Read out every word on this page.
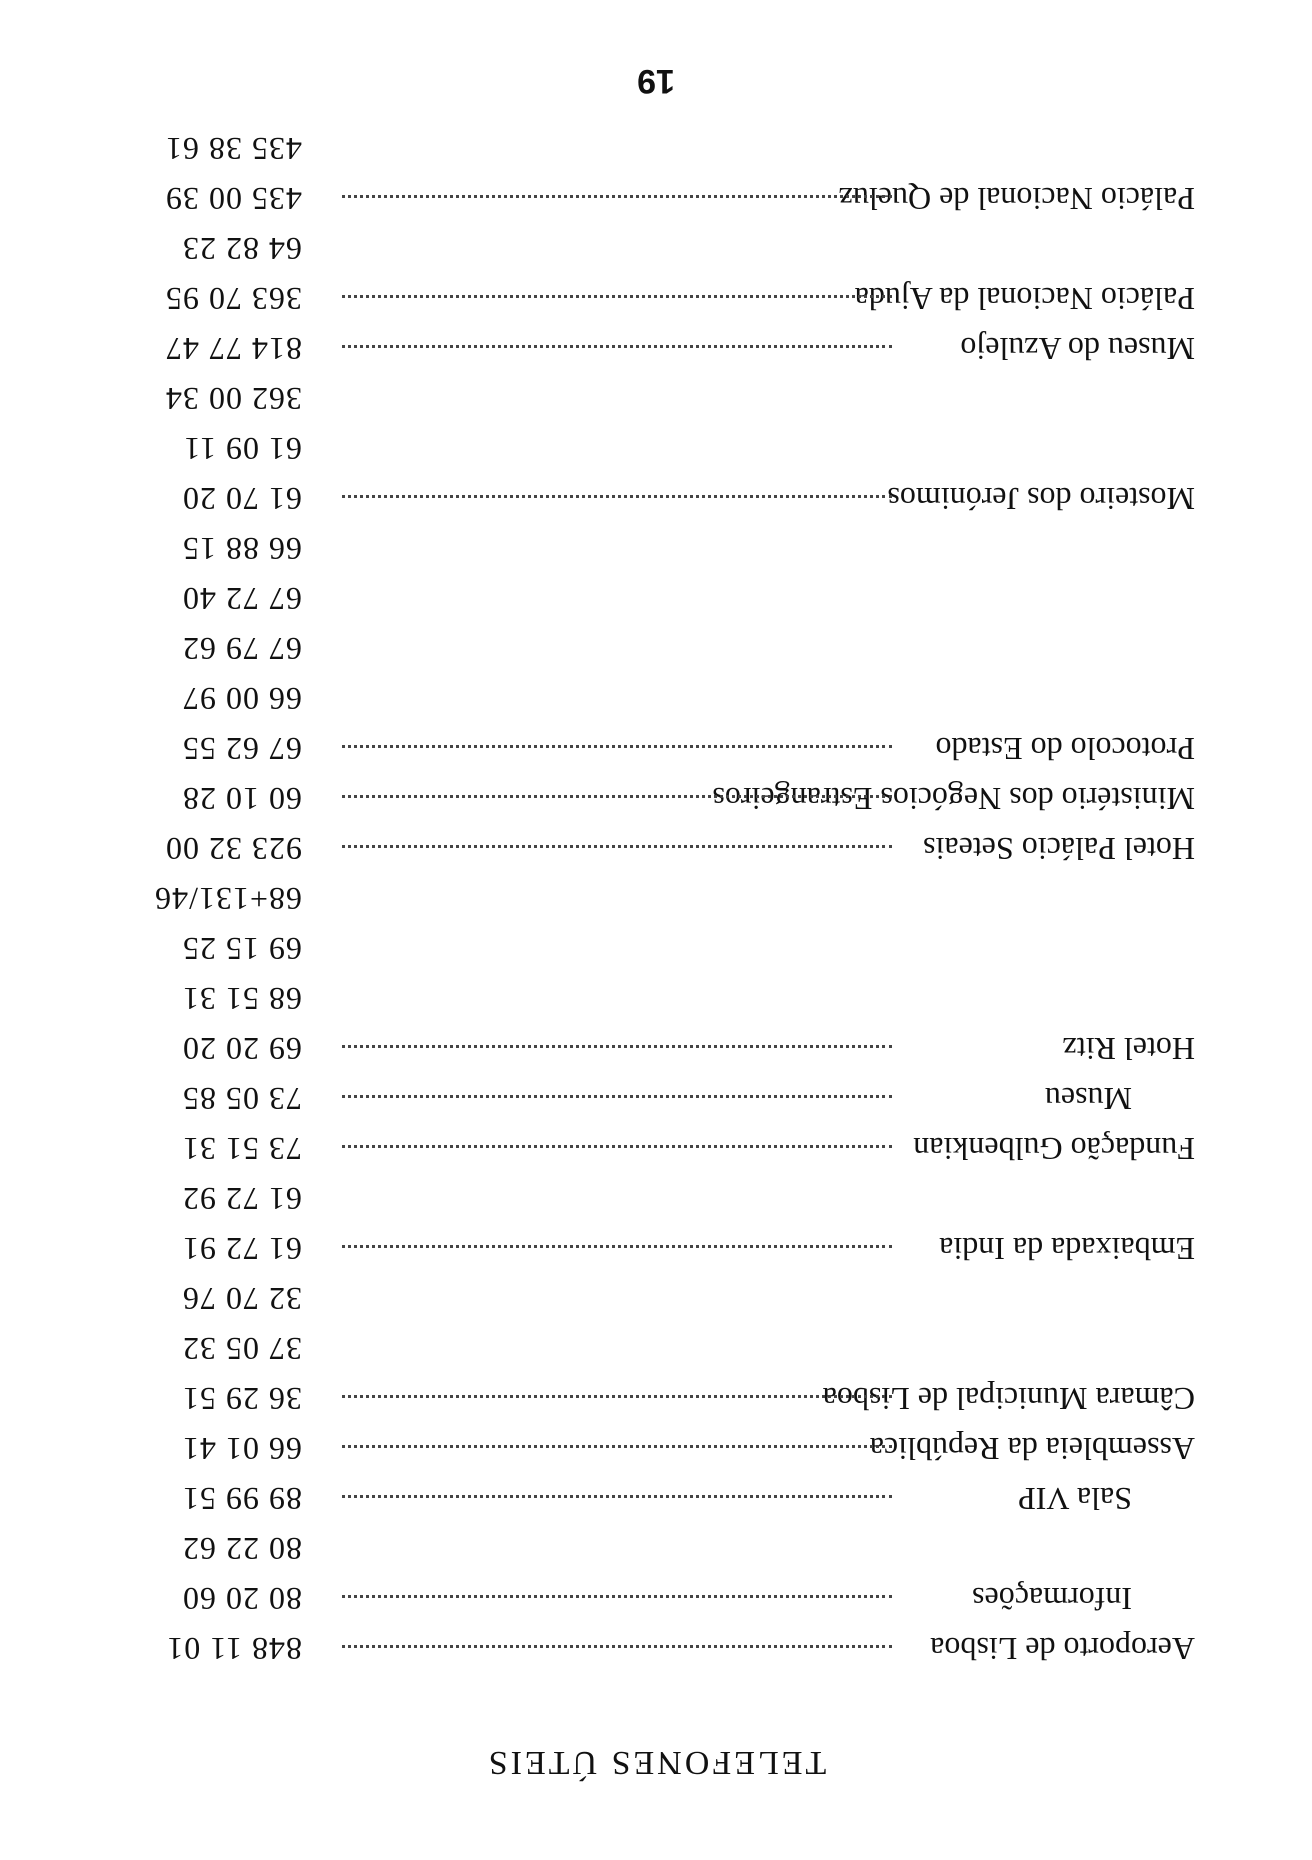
TELEFONES ÚTEIS
Aeroporto de Lisboa
848 11 01
Informações
80 20 60
80 22 62
Sala VIP
89 99 51
Assembleia da República
66 01 41
Câmara Municipal de Lisboa
36 29 51
37 05 32
32 70 76
Embaixada da India
61 72 91
61 72 92
Fundação Gulbenkian
73 51 31
Museu
73 05 85
Hotel Ritz
69 20 20
68 51 31
69 15 25
68+131/46
Hotel Palácio Seteais
923 32 00
Ministério dos Negócios Estrangeiros
60 10 28
Protocolo do Estado
67 62 55
66 00 97
67 79 62
67 72 40
66 88 15
Mosteiro dos Jerónimos
61 70 20
61 09 11
362 00 34
Museu do Azulejo
814 77 47
Palácio Nacional da Ajuda
363 70 95
64 82 23
Palácio Nacional de Queluz
435 00 39
435 38 61
19
